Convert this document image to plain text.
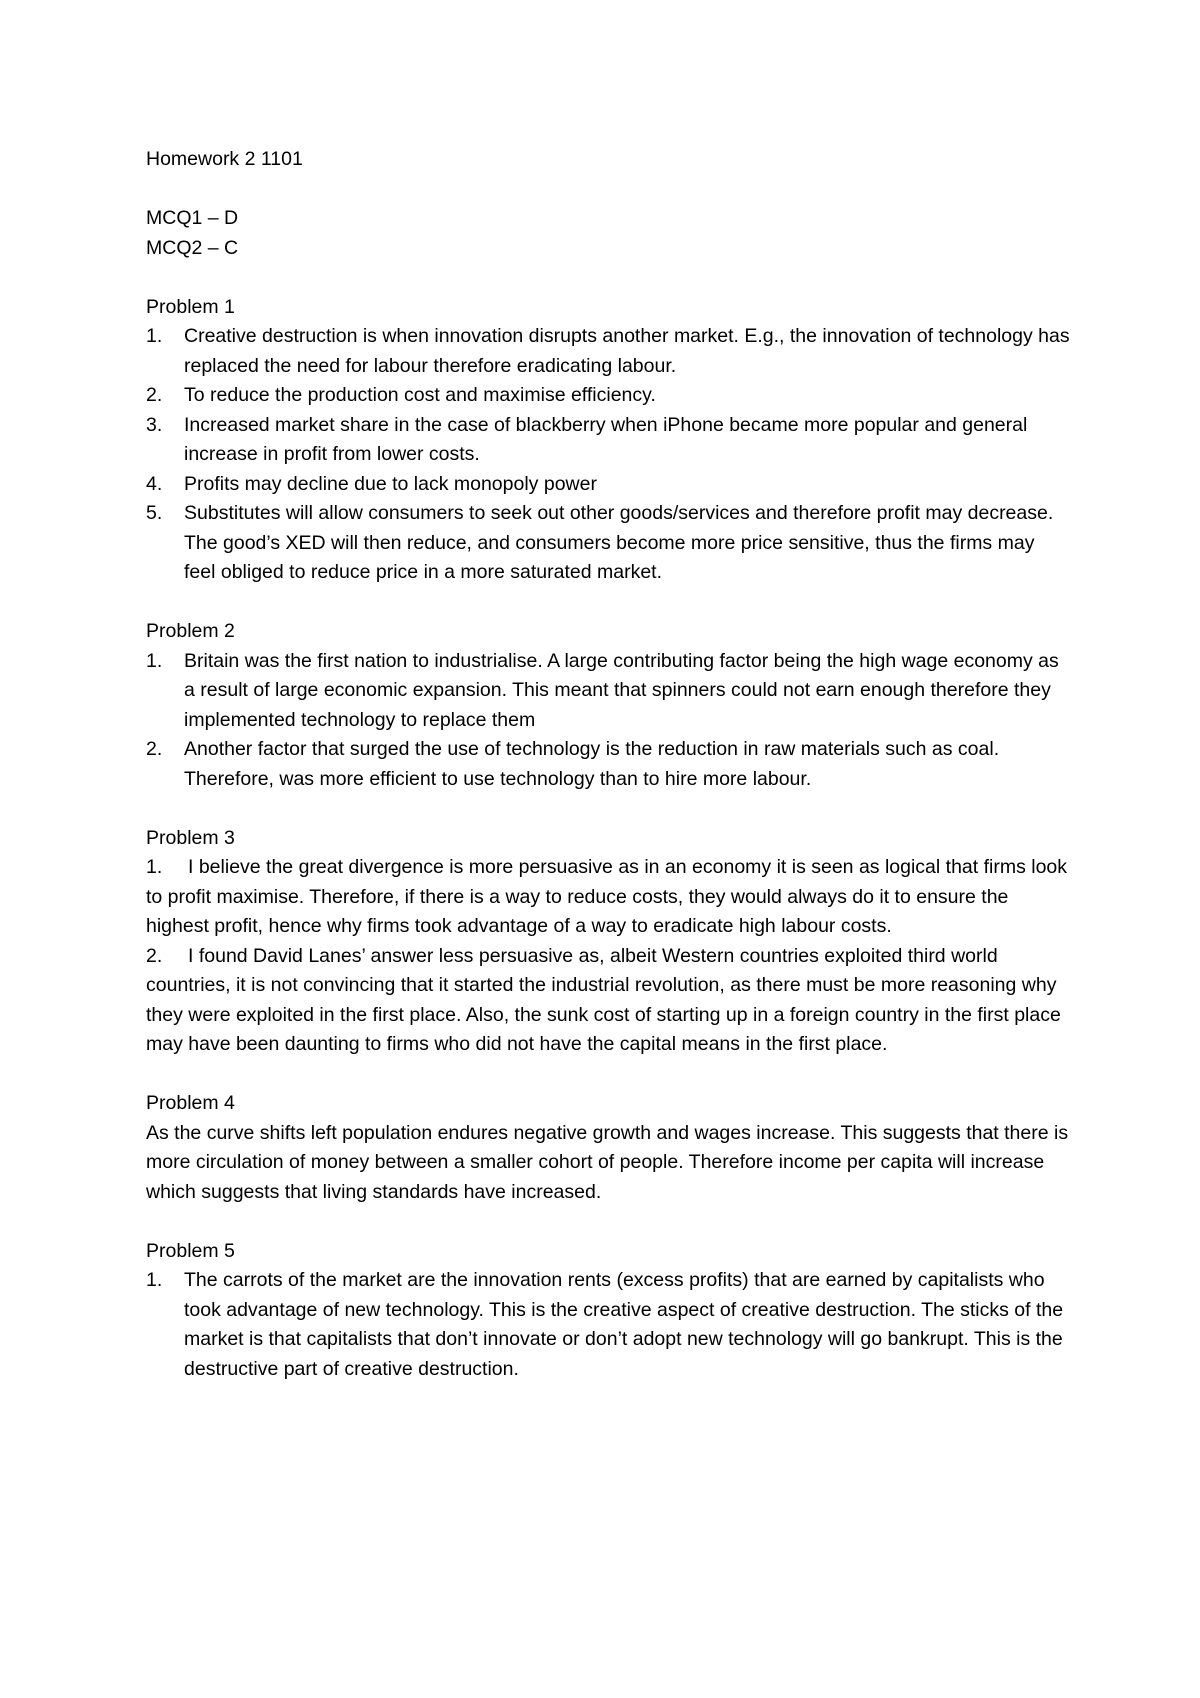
Homework 2 1101

MCQ1 – D

MCQ2 – C

Problem 1

1. Creative destruction is when innovation disrupts another market. E.g., the innovation of technology has replaced the need for labour therefore eradicating labour.
2. To reduce the production cost and maximise efficiency.
3. Increased market share in the case of blackberry when iPhone became more popular and general increase in profit from lower costs.
4. Profits may decline due to lack monopoly power
5. Substitutes will allow consumers to seek out other goods/services and therefore profit may decrease. The good’s XED will then reduce, and consumers become more price sensitive, thus the firms may feel obliged to reduce price in a more saturated market.

Problem 2

1. Britain was the first nation to industrialise. A large contributing factor being the high wage economy as a result of large economic expansion. This meant that spinners could not earn enough therefore they implemented technology to replace them
2. Another factor that surged the use of technology is the reduction in raw materials such as coal. Therefore, was more efficient to use technology than to hire more labour.

Problem 3

1. I believe the great divergence is more persuasive as in an economy it is seen as logical that firms look to profit maximise. Therefore, if there is a way to reduce costs, they would always do it to ensure the highest profit, hence why firms took advantage of a way to eradicate high labour costs.

2. I found David Lanes’ answer less persuasive as, albeit Western countries exploited third world countries, it is not convincing that it started the industrial revolution, as there must be more reasoning why they were exploited in the first place. Also, the sunk cost of starting up in a foreign country in the first place may have been daunting to firms who did not have the capital means in the first place.

Problem 4

As the curve shifts left population endures negative growth and wages increase. This suggests that there is more circulation of money between a smaller cohort of people. Therefore income per capita will increase which suggests that living standards have increased.

Problem 5

1. The carrots of the market are the innovation rents (excess profits) that are earned by capitalists who took advantage of new technology. This is the creative aspect of creative destruction. The sticks of the market is that capitalists that don’t innovate or don’t adopt new technology will go bankrupt. This is the destructive part of creative destruction.
